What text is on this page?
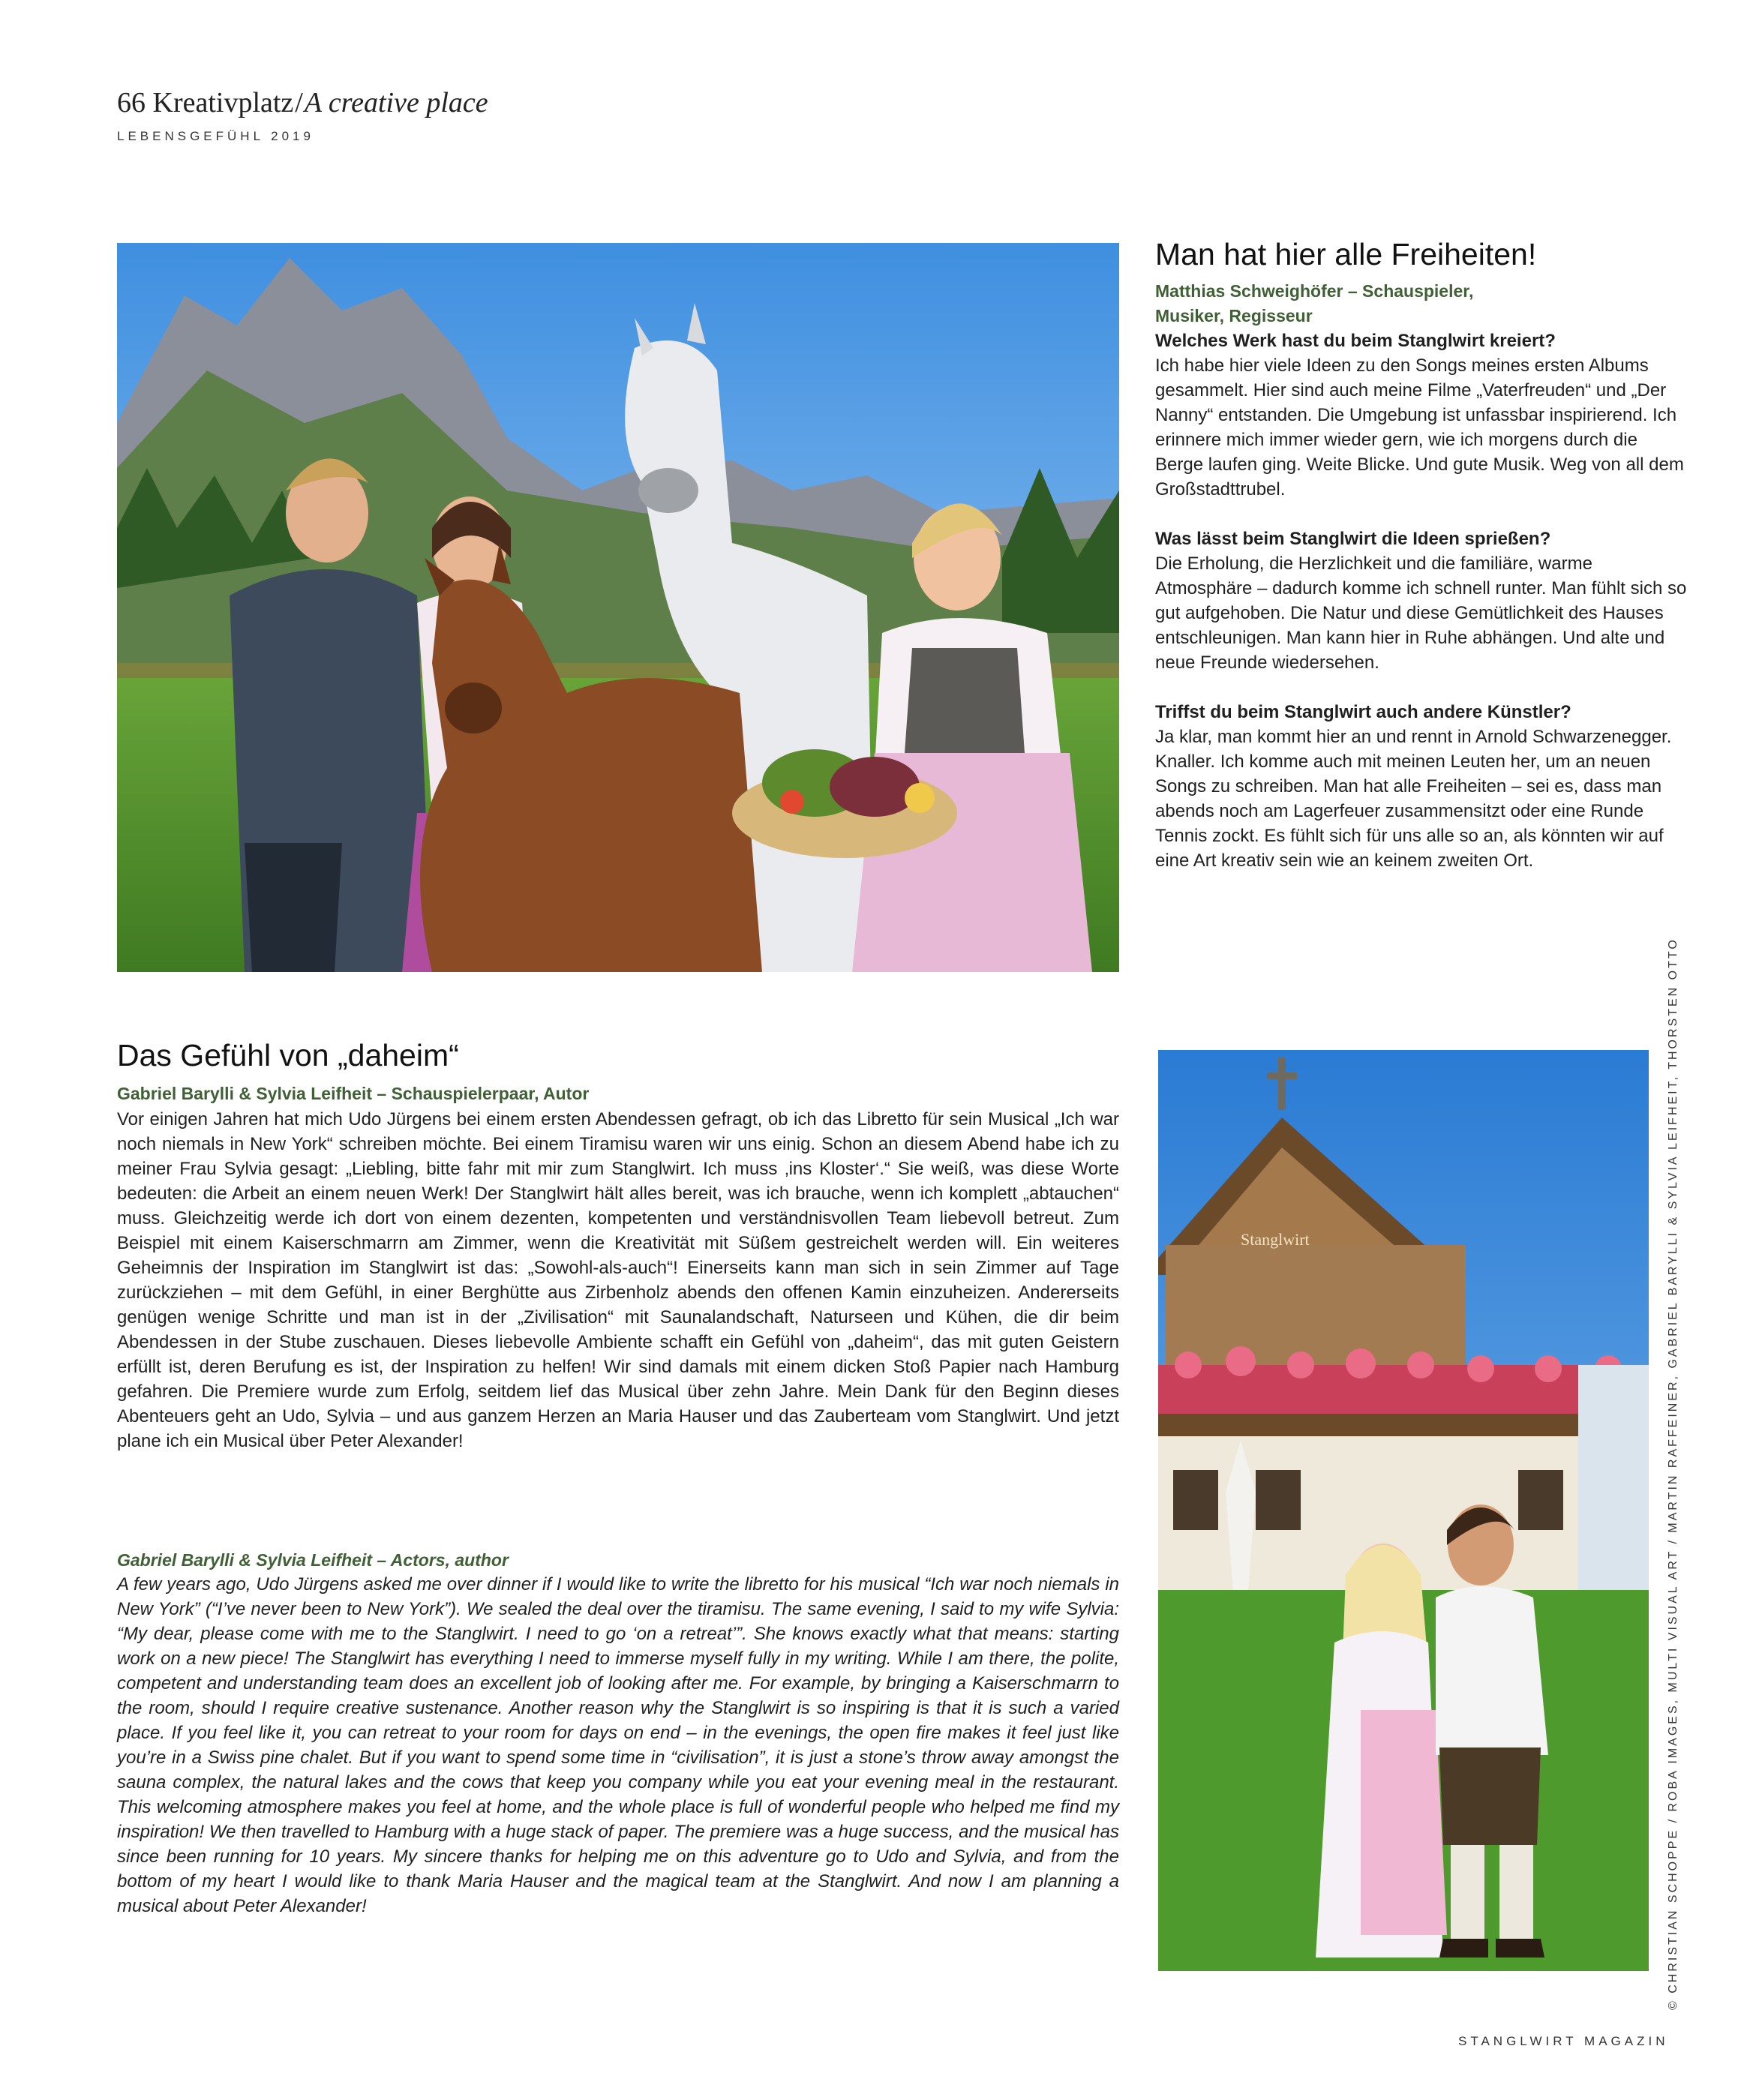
66 Kreativplatz/A creative place
LEBENSGEFÜHL 2019
Man hat hier alle Freiheiten!
Matthias Schweighöfer – Schauspieler,
Musiker, Regisseur

Welches Werk hast du beim Stanglwirt kreiert?
Ich habe hier viele Ideen zu den Songs meines ersten Albums gesammelt. Hier sind auch meine Filme „Vaterfreuden“ und „Der Nanny“ entstanden. Die Umgebung ist unfassbar inspirierend. Ich erinnere mich immer wieder gern, wie ich morgens durch die Berge laufen ging. Weite Blicke. Und gute Musik. Weg von all dem Großstadttrubel.

Was lässt beim Stanglwirt die Ideen sprießen?
Die Erholung, die Herzlichkeit und die familiäre, warme Atmosphäre – dadurch komme ich schnell runter. Man fühlt sich so gut aufgehoben. Die Natur und diese Gemütlichkeit des Hauses entschleunigen. Man kann hier in Ruhe abhängen. Und alte und neue Freunde wiedersehen.

Triffst du beim Stanglwirt auch andere Künstler?
Ja klar, man kommt hier an und rennt in Arnold Schwarzenegger. Knaller. Ich komme auch mit meinen Leuten her, um an neuen Songs zu schreiben. Man hat alle Freiheiten – sei es, dass man abends noch am Lagerfeuer zusammensitzt oder eine Runde Tennis zockt. Es fühlt sich für uns alle so an, als könnten wir auf eine Art kreativ sein wie an keinem zweiten Ort.

Das Gefühl von „daheim“
Gabriel Barylli & Sylvia Leifheit – Schauspielerpaar, Autor
Vor einigen Jahren hat mich Udo Jürgens bei einem ersten Abendessen gefragt, ob ich das Libretto für sein Musical „Ich war noch niemals in New York“ schreiben möchte. Bei einem Tiramisu waren wir uns einig. Schon an diesem Abend habe ich zu meiner Frau Sylvia gesagt: „Liebling, bitte fahr mit mir zum Stanglwirt. Ich muss ‚ins Kloster‘.“ Sie weiß, was diese Worte bedeuten: die Arbeit an einem neuen Werk! Der Stanglwirt hält alles bereit, was ich brauche, wenn ich komplett „abtauchen“ muss. Gleichzeitig werde ich dort von einem dezenten, kompetenten und verständnisvollen Team liebevoll betreut. Zum Beispiel mit einem Kaiserschmarrn am Zimmer, wenn die Kreativität mit Süßem gestreichelt werden will. Ein weiteres Geheimnis der Inspiration im Stanglwirt ist das: „Sowohl-als-auch“! Einerseits kann man sich in sein Zimmer auf Tage zurückziehen – mit dem Gefühl, in einer Berghütte aus Zirbenholz abends den offenen Kamin einzuheizen. Andererseits genügen wenige Schritte und man ist in der „Zivilisation“ mit Saunalandschaft, Naturseen und Kühen, die dir beim Abendessen in der Stube zuschauen. Dieses liebevolle Ambiente schafft ein Gefühl von „daheim“, das mit guten Geistern erfüllt ist, deren Berufung es ist, der Inspiration zu helfen! Wir sind damals mit einem dicken Stoß Papier nach Hamburg gefahren. Die Premiere wurde zum Erfolg, seitdem lief das Musical über zehn Jahre. Mein Dank für den Beginn dieses Abenteuers geht an Udo, Sylvia – und aus ganzem Herzen an Maria Hauser und das Zauberteam vom Stanglwirt. Und jetzt plane ich ein Musical über Peter Alexander!
Gabriel Barylli & Sylvia Leifheit – Actors, author
A few years ago, Udo Jürgens asked me over dinner if I would like to write the libretto for his musical “Ich war noch niemals in New York” (“I’ve never been to New York”). We sealed the deal over the tiramisu. The same evening, I said to my wife Sylvia: “My dear, please come with me to the Stanglwirt. I need to go ‘on a retreat’”. She knows exactly what that means: starting work on a new piece! The Stanglwirt has everything I need to immerse myself fully in my writing. While I am there, the polite, competent and understanding team does an excellent job of looking after me. For example, by bringing a Kaiserschmarrn to the room, should I require creative sustenance. Another reason why the Stanglwirt is so inspiring is that it is such a varied place. If you feel like it, you can retreat to your room for days on end – in the evenings, the open fire makes it feel just like you’re in a Swiss pine chalet. But if you want to spend some time in “civilisation”, it is just a stone’s throw away amongst the sauna complex, the natural lakes and the cows that keep you company while you eat your evening meal in the restaurant. This welcoming atmosphere makes you feel at home, and the whole place is full of wonderful people who helped me find my inspiration! We then travelled to Hamburg with a huge stack of paper. The premiere was a huge success, and the musical has since been running for 10 years. My sincere thanks for helping me on this adventure go to Udo and Sylvia, and from the bottom of my heart I would like to thank Maria Hauser and the magical team at the Stanglwirt. And now I am planning a musical about Peter Alexander!
Stanglwirt	© CHRISTIAN SCHOPPE / ROBA IMAGES, MULTI VISUAL ART / MARTIN RAFFEINER, GABRIEL BARYLLI & SYLVIA LEIFHEIT, THORSTEN OTTO
STANGLWIRT MAGAZIN
